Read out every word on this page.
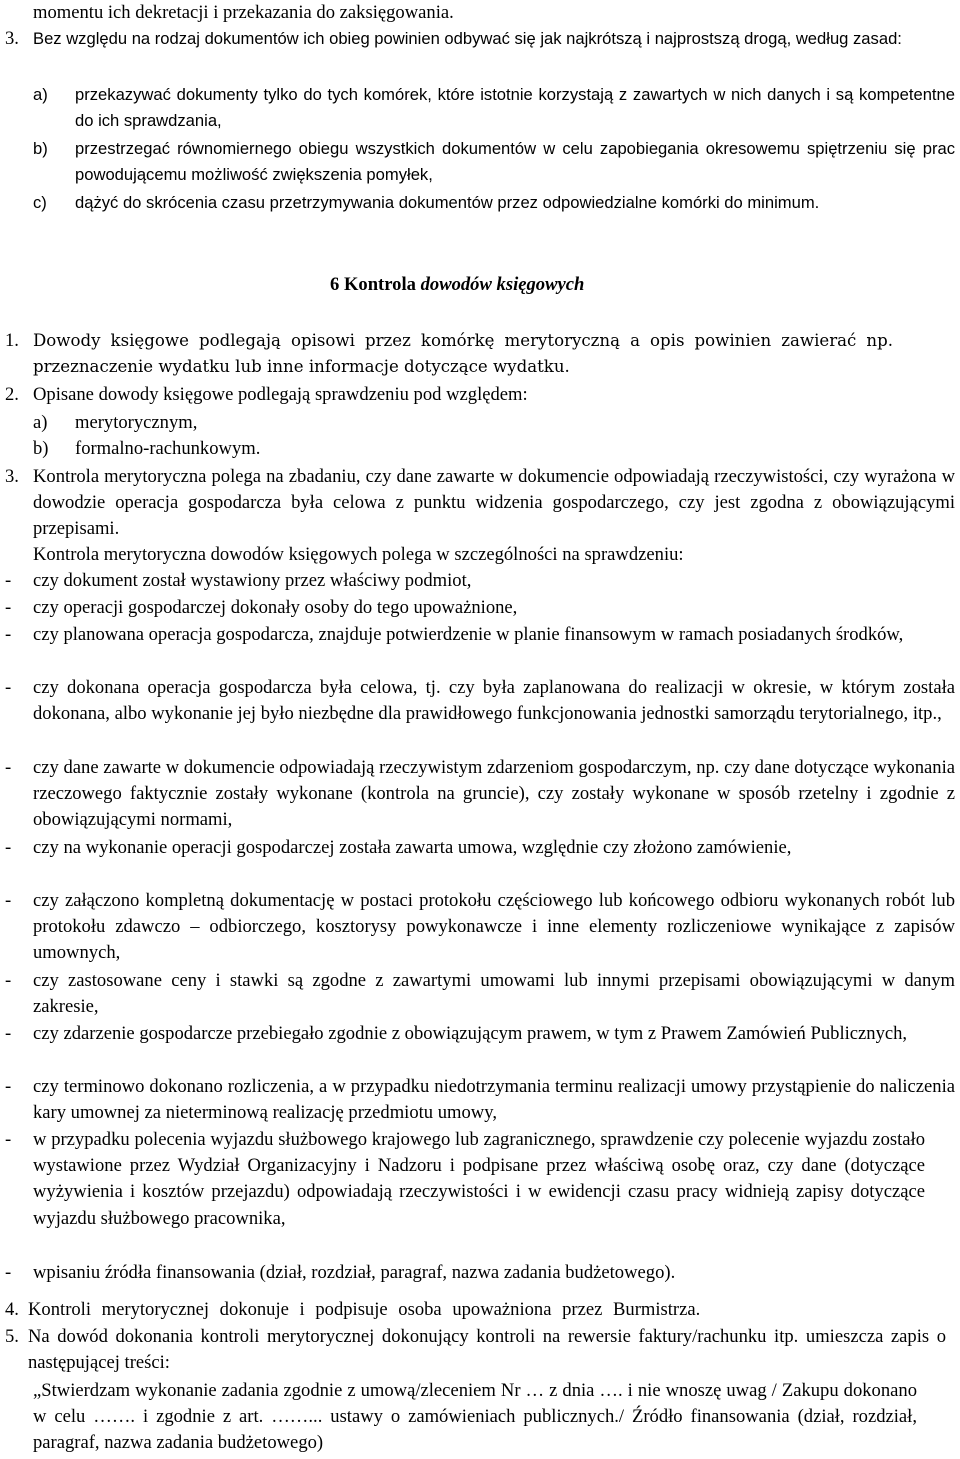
momentu ich dekretacji i przekazania do zaksięgowania.

3. Bez względu na rodzaj dokumentów ich obieg powinien odbywać się jak najkrótszą i najprostszą drogą, według zasad:

a) przekazywać dokumenty tylko do tych komórek, które istotnie korzystają z zawartych w nich danych i są kompetentne do ich sprawdzania,

b) przestrzegać równomiernego obiegu wszystkich dokumentów w celu zapobiegania okresowemu spiętrzeniu się prac powodującemu możliwość zwiększenia pomyłek,

c) dążyć do skrócenia czasu przetrzymywania dokumentów przez odpowiedzialne komórki do minimum.

6 Kontrola dowodów księgowych
1. Dowody księgowe podlegają opisowi przez komórkę merytoryczną a opis powinien zawierać np. przeznaczenie wydatku lub inne informacje dotyczące wydatku.

2. Opisane dowody księgowe podlegają sprawdzeniu pod względem:

a) merytorycznym,

b) formalno-rachunkowym.

3. Kontrola merytoryczna polega na zbadaniu, czy dane zawarte w dokumencie odpowiadają rzeczywistości, czy wyrażona w dowodzie operacja gospodarcza była celowa z punktu widzenia gospodarczego, czy jest zgodna z obowiązującymi przepisami.

Kontrola merytoryczna dowodów księgowych polega w szczególności na sprawdzeniu:

- czy dokument został wystawiony przez właściwy podmiot,

- czy operacji gospodarczej dokonały osoby do tego upoważnione,

- czy planowana operacja gospodarcza, znajduje potwierdzenie w planie finansowym w ramach posiadanych środków,

- czy dokonana operacja gospodarcza była celowa, tj. czy była zaplanowana do realizacji w okresie, w którym została dokonana, albo wykonanie jej było niezbędne dla prawidłowego funkcjonowania jednostki samorządu terytorialnego, itp.,

- czy dane zawarte w dokumencie odpowiadają rzeczywistym zdarzeniom gospodarczym, np. czy dane dotyczące wykonania rzeczowego faktycznie zostały wykonane (kontrola na gruncie), czy zostały wykonane w sposób rzetelny i zgodnie z obowiązującymi normami,

- czy na wykonanie operacji gospodarczej została zawarta umowa, względnie czy złożono zamówienie,

- czy załączono kompletną dokumentację w postaci protokołu częściowego lub końcowego odbioru wykonanych robót lub protokołu zdawczo – odbiorczego, kosztorysy powykonawcze i inne elementy rozliczeniowe wynikające z zapisów umownych,

- czy zastosowane ceny i stawki są zgodne z zawartymi umowami lub innymi przepisami obowiązującymi w danym zakresie,

- czy zdarzenie gospodarcze przebiegało zgodnie z obowiązującym prawem, w tym z Prawem Zamówień Publicznych,

- czy terminowo dokonano rozliczenia, a w przypadku niedotrzymania terminu realizacji umowy przystąpienie do naliczenia kary umownej za nieterminową realizację przedmiotu umowy,

- w przypadku polecenia wyjazdu służbowego krajowego lub zagranicznego, sprawdzenie czy polecenie wyjazdu zostało wystawione przez Wydział Organizacyjny i Nadzoru i podpisane przez właściwą osobę oraz, czy dane (dotyczące wyżywienia i kosztów przejazdu) odpowiadają rzeczywistości i w ewidencji czasu pracy widnieją zapisy dotyczące wyjazdu służbowego pracownika,

- wpisaniu źródła finansowania (dział, rozdział, paragraf, nazwa zadania budżetowego).

4. Kontroli merytorycznej dokonuje i podpisuje osoba upoważniona przez Burmistrza.

5. Na dowód dokonania kontroli merytorycznej dokonujący kontroli na rewersie faktury/rachunku itp. umieszcza zapis o następującej treści:

„Stwierdzam wykonanie zadania zgodnie z umową/zleceniem Nr … z dnia …. i nie wnoszę uwag / Zakupu dokonano w celu ……. i zgodnie z art. ……... ustawy o zamówieniach publicznych./ Źródło finansowania (dział, rozdział, paragraf, nazwa zadania budżetowego)
